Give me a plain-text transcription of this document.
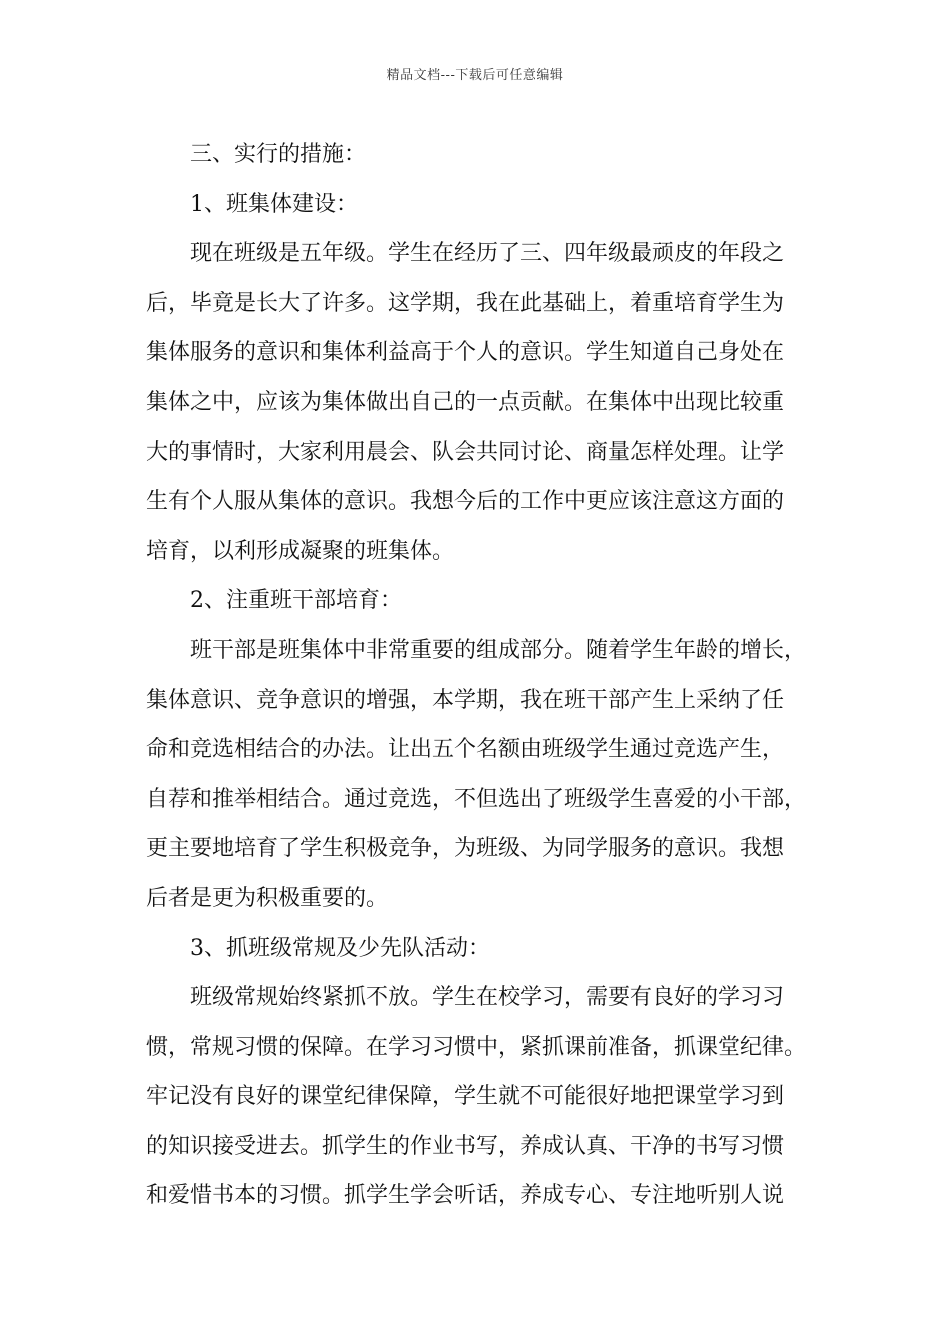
精品文档---下载后可任意编辑
三、实行的措施：
1、班集体建设：
现在班级是五年级。学生在经历了三、四年级最顽皮的年段之
后，毕竟是长大了许多。这学期，我在此基础上，着重培育学生为
集体服务的意识和集体利益高于个人的意识。学生知道自己身处在
集体之中，应该为集体做出自己的一点贡献。在集体中出现比较重
大的事情时，大家利用晨会、队会共同讨论、商量怎样处理。让学
生有个人服从集体的意识。我想今后的工作中更应该注意这方面的
培育，以利形成凝聚的班集体。
2、注重班干部培育：
班干部是班集体中非常重要的组成部分。随着学生年龄的增长，
集体意识、竞争意识的增强，本学期，我在班干部产生上采纳了任
命和竞选相结合的办法。让出五个名额由班级学生通过竞选产生，
自荐和推举相结合。通过竞选，不但选出了班级学生喜爱的小干部，
更主要地培育了学生积极竞争，为班级、为同学服务的意识。我想
后者是更为积极重要的。
3、抓班级常规及少先队活动：
班级常规始终紧抓不放。学生在校学习，需要有良好的学习习
惯，常规习惯的保障。在学习习惯中，紧抓课前准备，抓课堂纪律。
牢记没有良好的课堂纪律保障，学生就不可能很好地把课堂学习到
的知识接受进去。抓学生的作业书写，养成认真、干净的书写习惯
和爱惜书本的习惯。抓学生学会听话，养成专心、专注地听别人说
